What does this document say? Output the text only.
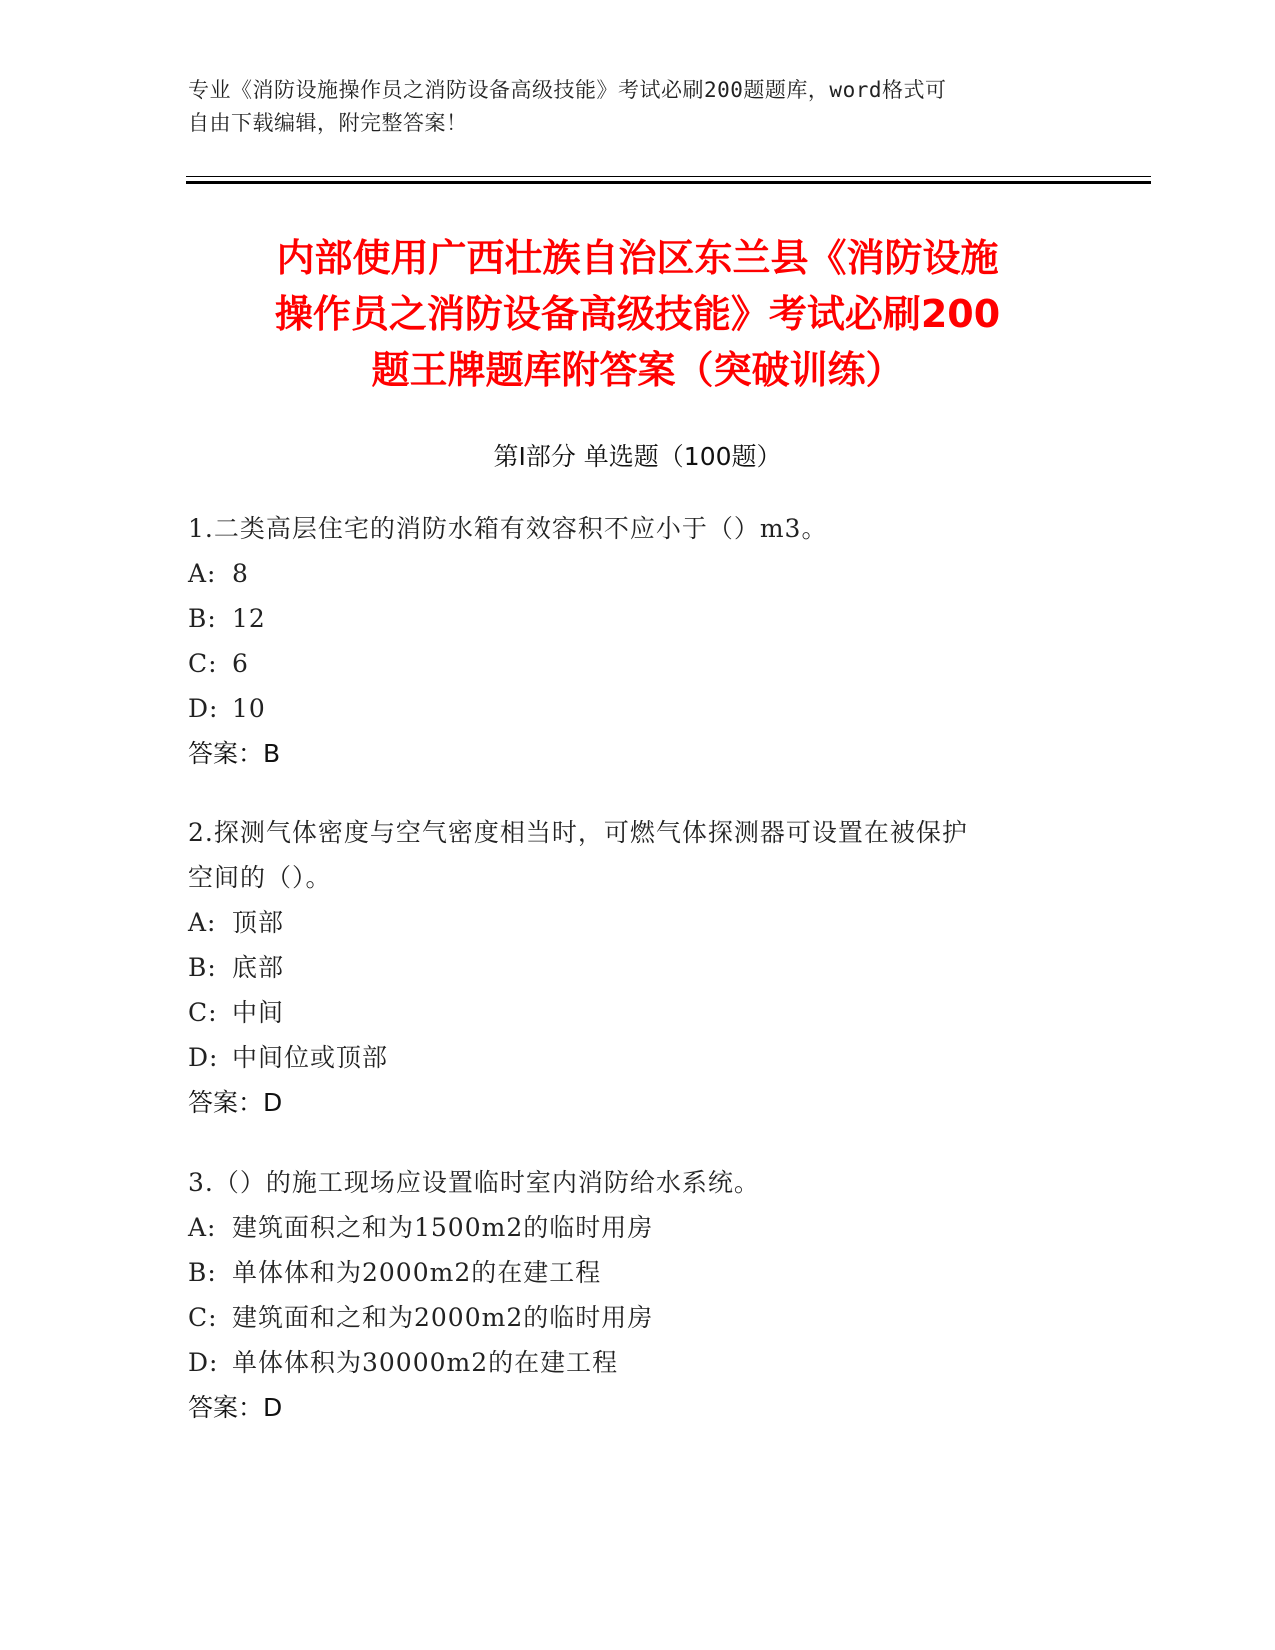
专业《消防设施操作员之消防设备高级技能》考试必刷200题题库，word格式可
自由下载编辑，附完整答案！
内部使用广西壮族自治区东兰县《消防设施
操作员之消防设备高级技能》考试必刷200
题王牌题库附答案（突破训练）
第Ⅰ部分 单选题（100题）
1.二类高层住宅的消防水箱有效容积不应小于（）m3。
A: 8
B: 12
C: 6
D: 10
答案：B
2.探测气体密度与空气密度相当时，可燃气体探测器可设置在被保护
空间的（）。
A: 顶部
B: 底部
C: 中间
D: 中间位或顶部
答案：D
3.（）的施工现场应设置临时室内消防给水系统。
A: 建筑面积之和为1500m2的临时用房
B: 单体体和为2000m2的在建工程
C: 建筑面和之和为2000m2的临时用房
D: 单体体积为30000m2的在建工程
答案：D
